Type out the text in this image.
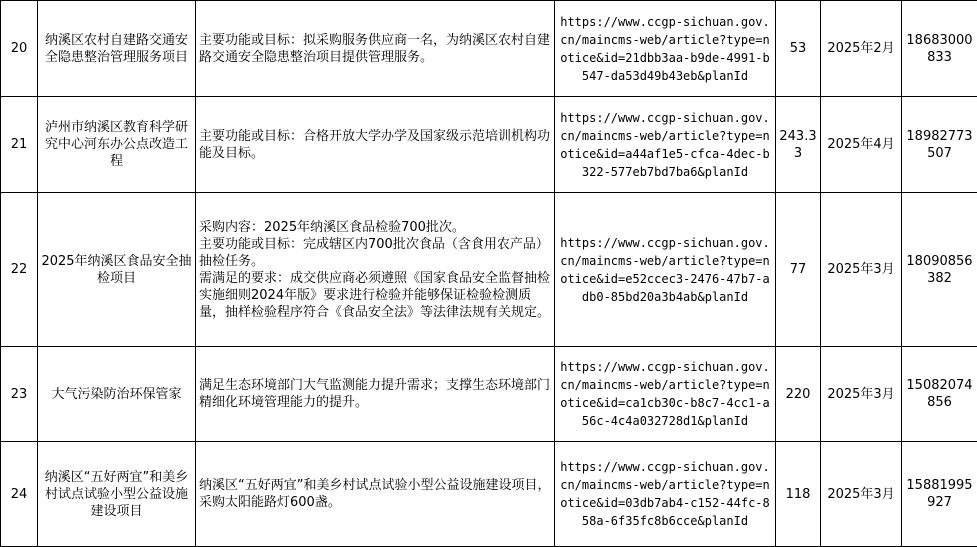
20	纳溪区农村自建路交通安全隐患整治管理服务项目	主要功能或目标：拟采购服务供应商一名，为纳溪区农村自建路交通安全隐患整治项目提供管理服务。	https://www.ccgp-sichuan.gov.cn/maincms-web/article?type=notice&id=21dbb3aa-b9de-4991-b547-da53d49b43eb&planId	53	2025年2月	18683000833
21	泸州市纳溪区教育科学研究中心河东办公点改造工程	主要功能或目标：合格开放大学办学及国家级示范培训机构功能及目标。	https://www.ccgp-sichuan.gov.cn/maincms-web/article?type=notice&id=a44af1e5-cfca-4dec-b322-577eb7bd7ba6&planId	243.33	2025年4月	18982773507
22	2025年纳溪区食品安全抽检项目	采购内容：2025年纳溪区食品检验700批次。
主要功能或目标：完成辖区内700批次食品（含食用农产品）抽检任务。
需满足的要求：成交供应商必须遵照《国家食品安全监督抽检实施细则2024年版》要求进行检验并能够保证检验检测质量，抽样检验程序符合《食品安全法》等法律法规有关规定。	https://www.ccgp-sichuan.gov.cn/maincms-web/article?type=notice&id=e52ccec3-2476-47b7-adb0-85bd20a3b4ab&planId	77	2025年3月	18090856382
23	大气污染防治环保管家	满足生态环境部门大气监测能力提升需求；支撑生态环境部门精细化环境管理能力的提升。	https://www.ccgp-sichuan.gov.cn/maincms-web/article?type=notice&id=ca1cb30c-b8c7-4cc1-a56c-4c4a032728d1&planId	220	2025年3月	15082074856
24	纳溪区“五好两宜”和美乡村试点试验小型公益设施建设项目	纳溪区“五好两宜”和美乡村试点试验小型公益设施建设项目，采购太阳能路灯600盏。	https://www.ccgp-sichuan.gov.cn/maincms-web/article?type=notice&id=03db7ab4-c152-44fc-858a-6f35fc8b6cce&planId	118	2025年3月	15881995927
